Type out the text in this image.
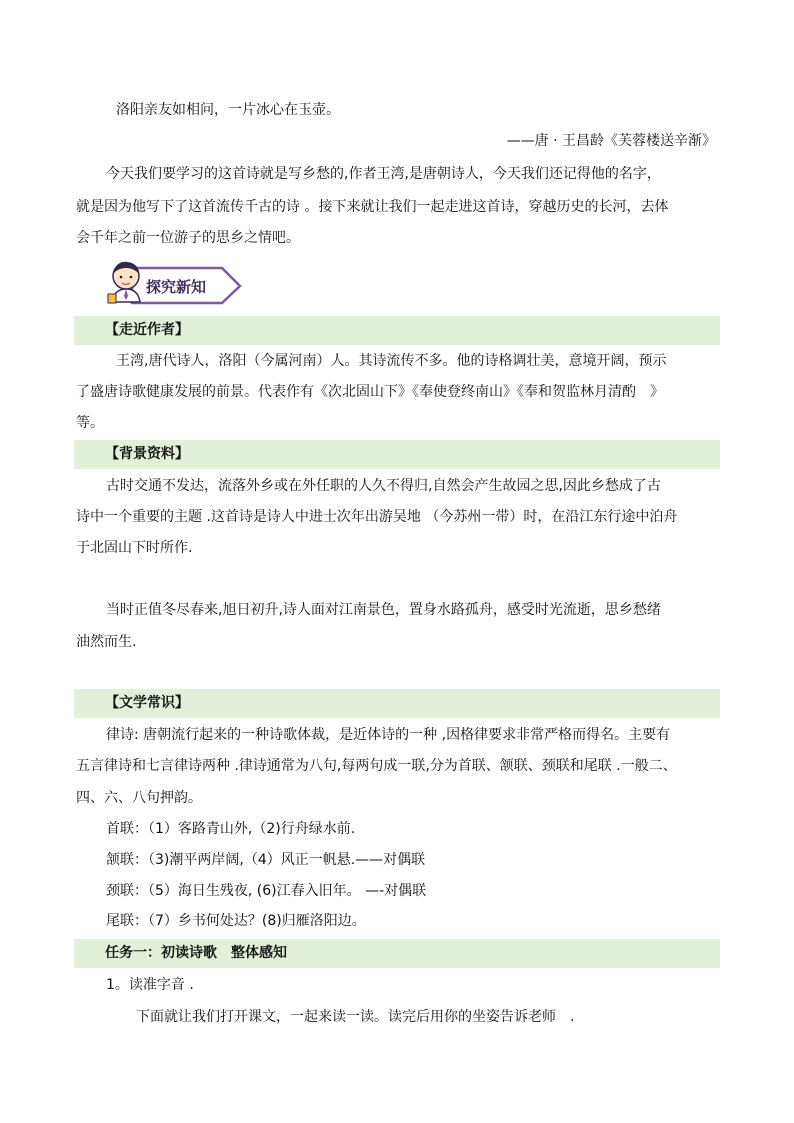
洛阳亲友如相问，一片冰心在玉壶。
——唐 · 王昌龄《芙蓉楼送辛渐》
今天我们要学习的这首诗就是写乡愁的,作者王湾,是唐朝诗人，今天我们还记得他的名字，
就是因为他写下了这首流传千古的诗 。接下来就让我们一起走进这首诗，穿越历史的长河，去体
会千年之前一位游子的思乡之情吧。
探究新知
【走近作者】
王湾,唐代诗人，洛阳（今属河南）人。其诗流传不多。他的诗格调壮美，意境开阔，预示
了盛唐诗歌健康发展的前景。代表作有《次北固山下》《奉使登终南山》《奉和贺监林月清酌　》
等。
【背景资料】
古时交通不发达，流落外乡或在外任职的人久不得归,自然会产生故园之思,因此乡愁成了古
诗中一个重要的主题 .这首诗是诗人中进士次年出游吴地 （今苏州一带）时，在沿江东行途中泊舟
于北固山下时所作.
当时正值冬尽春来,旭日初升,诗人面对江南景色，置身水路孤舟，感受时光流逝，思乡愁绪
油然而生.
【文学常识】
律诗: 唐朝流行起来的一种诗歌体裁，是近体诗的一种 ,因格律要求非常严格而得名。主要有
五言律诗和七言律诗两种 .律诗通常为八句,每两句成一联,分为首联、颔联、颈联和尾联 .一般二、
四、六、八句押韵。
首联：（1）客路青山外,（2)行舟绿水前.
颔联：（3)潮平两岸阔,（4）风正一帆悬.——对偶联
颈联：（5）海日生残夜, (6)江春入旧年。 —-对偶联
尾联：（7）乡书何处达？(8)归雁洛阳边。
任务一：初读诗歌　整体感知
1。读准字音 .
下面就让我们打开课文，一起来读一读。读完后用你的坐姿告诉老师　.
